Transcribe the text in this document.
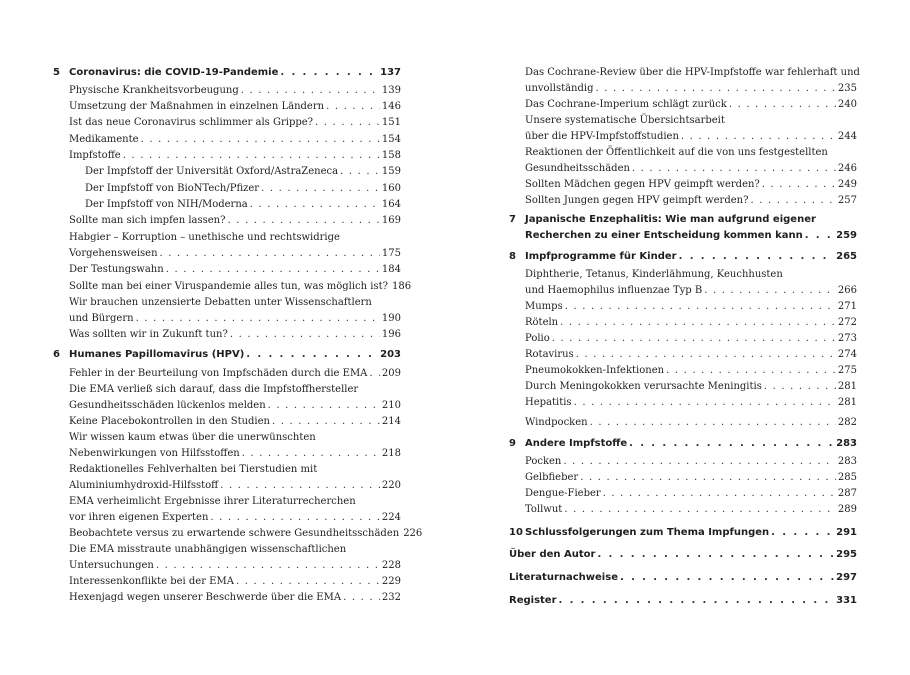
5 Coronavirus: die COVID-19-Pandemie . . .	137
Physische Krankheitsvorbeugung . . .	139
Umsetzung der Maßnahmen in einzelnen Ländern . . .	146
Ist das neue Coronavirus schlimmer als Grippe? . . .	151
Medikamente . . .	154
Impfstoffe . . .	158
Der Impfstoff der Universität Oxford/AstraZeneca . . .	159
Der Impfstoff von BioNTech/Pfizer . . .	160
Der Impfstoff von NIH/Moderna . . .	164
Sollte man sich impfen lassen? . . .	169
Habgier – Korruption – unethische und rechtswidrige
Vorgehensweisen . . .	175
Der Testungswahn . . .	184
Sollte man bei einer Viruspandemie alles tun, was möglich ist? 186
Wir brauchen unzensierte Debatten unter Wissenschaftlern
und Bürgern . . .	190
Was sollten wir in Zukunft tun? . . .	196
6 Humanes Papillomavirus (HPV) . . .	203
Fehler in der Beurteilung von Impfschäden durch die EMA . . . 209
Die EMA verließ sich darauf, dass die Impfstoffhersteller
Gesundheitsschäden lückenlos melden . . .	210
Keine Placebokontrollen in den Studien . . .	214
Wir wissen kaum etwas über die unerwünschten
Nebenwirkungen von Hilfsstoffen . . .	218
Redaktionelles Fehlverhalten bei Tierstudien mit
Aluminiumhydroxid-Hilfsstoff . . .	220
EMA verheimlicht Ergebnisse ihrer Literaturrecherchen
vor ihren eigenen Experten . . .	224
Beobachtete versus zu erwartende schwere Gesundheitsschäden 226
Die EMA misstraute unabhängigen wissenschaftlichen
Untersuchungen . . .	228
Interessenkonflikte bei der EMA . . .	229
Hexenjagd wegen unserer Beschwerde über die EMA . . .	232
Das Cochrane-Review über die HPV-Impfstoffe war fehlerhaft und
unvollständig . . .	235
Das Cochrane-Imperium schlägt zurück . . .	240
Unsere systematische Übersichtsarbeit
über die HPV-Impfstoffstudien . . .	244
Reaktionen der Öffentlichkeit auf die von uns festgestellten
Gesundheitsschäden . . .	246
Sollten Mädchen gegen HPV geimpft werden? . . .	249
Sollten Jungen gegen HPV geimpft werden? . . .	257
7 Japanische Enzephalitis: Wie man aufgrund eigener
Recherchen zu einer Entscheidung kommen kann . . .	259
8 Impfprogramme für Kinder . . .	265
Diphtherie, Tetanus, Kinderlähmung, Keuchhusten
und Haemophilus influenzae Typ B . . .	266
Mumps . . .	271
Röteln . . .	272
Polio . . .	273
Rotavirus . . .	274
Pneumokokken-Infektionen . . .	275
Durch Meningokokken verursachte Meningitis . . .	281
Hepatitis . . .	281
Windpocken . . .	282
9 Andere Impfstoffe . . .	283
Pocken . . .	283
Gelbfieber . . .	285
Dengue-Fieber . . .	287
Tollwut . . .	289
10 Schlussfolgerungen zum Thema Impfungen . . .	291
Über den Autor . . .	295
Literaturnachweise . . .	297
Register . . .	331
